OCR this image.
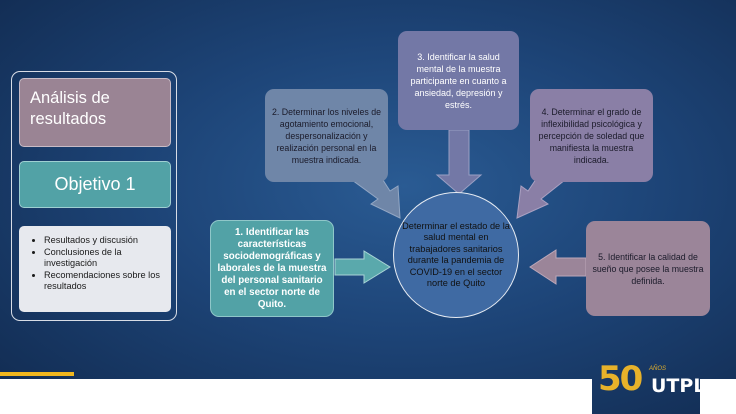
Análisis de resultados
Objetivo 1
• Resultados y discusión
• Conclusiones de la investigación
• Recomendaciones sobre los resultados
1. Identificar las características sociodemográficas y laborales de la muestra del personal sanitario en el sector norte de Quito.
2. Determinar los niveles de agotamiento emocional, despersonalización y realización personal en la muestra indicada.
3. Identificar la salud mental de la muestra participante en cuanto a ansiedad, depresión y estrés.
4. Determinar el grado de inflexibilidad psicológica y percepción de soledad que manifiesta la muestra indicada.
5. Identificar la calidad de sueño que posee la muestra definida.
Determinar el estado de la salud mental en trabajadores sanitarios durante la pandemia de COVID-19 en el sector norte de Quito
50 AÑOS
UTPL
